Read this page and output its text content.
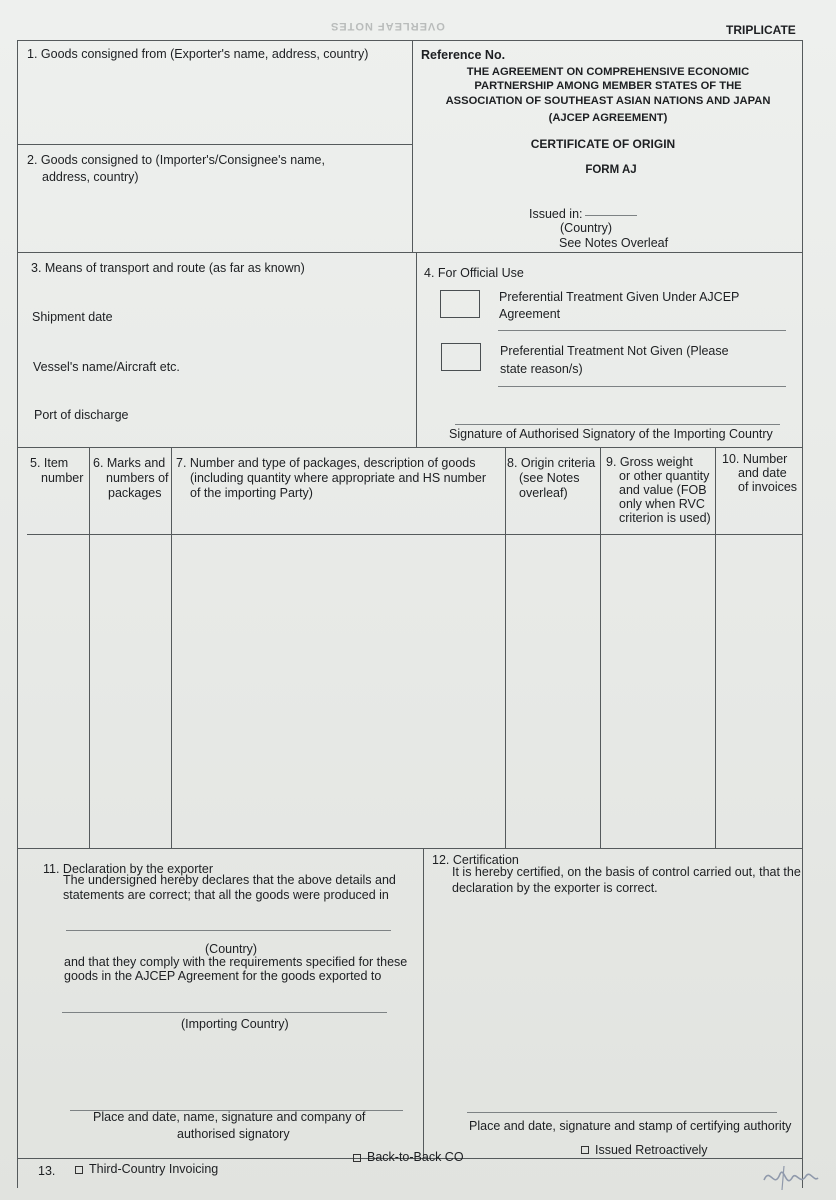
OVERLEAF NOTES	TRIPLICATE
1. Goods consigned from (Exporter's name, address, country)	Reference No.
THE AGREEMENT ON COMPREHENSIVE ECONOMIC
PARTNERSHIP AMONG MEMBER STATES OF THE
ASSOCIATION OF SOUTHEAST ASIAN NATIONS AND JAPAN
(AJCEP AGREEMENT)
CERTIFICATE OF ORIGIN
FORM AJ
Issued in:
(Country)
See Notes Overleaf
2. Goods consigned to (Importer's/Consignee's name,
address, country)
3. Means of transport and route (as far as known)
Shipment date
Vessel's name/Aircraft etc.
Port of discharge
4. For Official Use
Preferential Treatment Given Under AJCEP
Agreement
Preferential Treatment Not Given (Please
state reason/s)
Signature of Authorised Signatory of the Importing Country
5. Item
number
6. Marks and
numbers of
packages
7. Number and type of packages, description of goods
(including quantity where appropriate and HS number
of the importing Party)
8. Origin criteria
(see Notes
overleaf)
9. Gross weight
or other quantity
and value (FOB
only when RVC
criterion is used)
10. Number
and date
of invoices
11. Declaration by the exporter
The undersigned hereby declares that the above details and
statements are correct; that all the goods were produced in
(Country)
and that they comply with the requirements specified for these
goods in the AJCEP Agreement for the goods exported to
(Importing Country)
Place and date, name, signature and company of
authorised signatory
12. Certification
It is hereby certified, on the basis of control carried out, that the
declaration by the exporter is correct.
Place and date, signature and stamp of certifying authority
13.	Third-Country Invoicing
Back-to-Back CO	Issued Retroactively
